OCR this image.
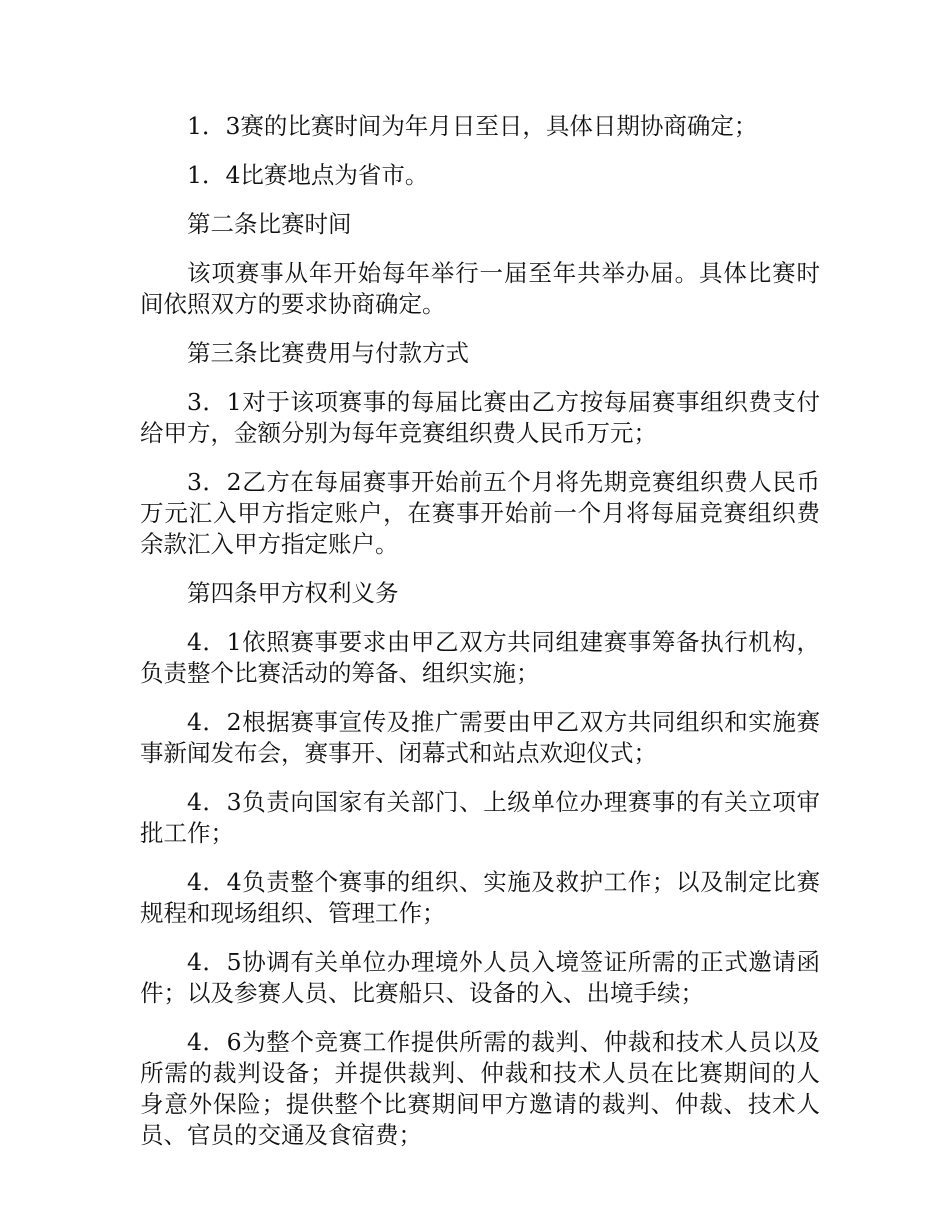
1．3赛的比赛时间为年月日至日，具体日期协商确定；

1．4比赛地点为省市。

第二条比赛时间

该项赛事从年开始每年举行一届至年共举办届。具体比赛时间依照双方的要求协商确定。

第三条比赛费用与付款方式

3．1对于该项赛事的每届比赛由乙方按每届赛事组织费支付给甲方，金额分别为每年竞赛组织费人民币万元；

3．2乙方在每届赛事开始前五个月将先期竞赛组织费人民币万元汇入甲方指定账户，在赛事开始前一个月将每届竞赛组织费余款汇入甲方指定账户。

第四条甲方权利义务

4．1依照赛事要求由甲乙双方共同组建赛事筹备执行机构，负责整个比赛活动的筹备、组织实施；

4．2根据赛事宣传及推广需要由甲乙双方共同组织和实施赛事新闻发布会，赛事开、闭幕式和站点欢迎仪式；

4．3负责向国家有关部门、上级单位办理赛事的有关立项审批工作；

4．4负责整个赛事的组织、实施及救护工作；以及制定比赛规程和现场组织、管理工作；

4．5协调有关单位办理境外人员入境签证所需的正式邀请函件；以及参赛人员、比赛船只、设备的入、出境手续；

4．6为整个竞赛工作提供所需的裁判、仲裁和技术人员以及所需的裁判设备；并提供裁判、仲裁和技术人员在比赛期间的人身意外保险；提供整个比赛期间甲方邀请的裁判、仲裁、技术人员、官员的交通及食宿费；
